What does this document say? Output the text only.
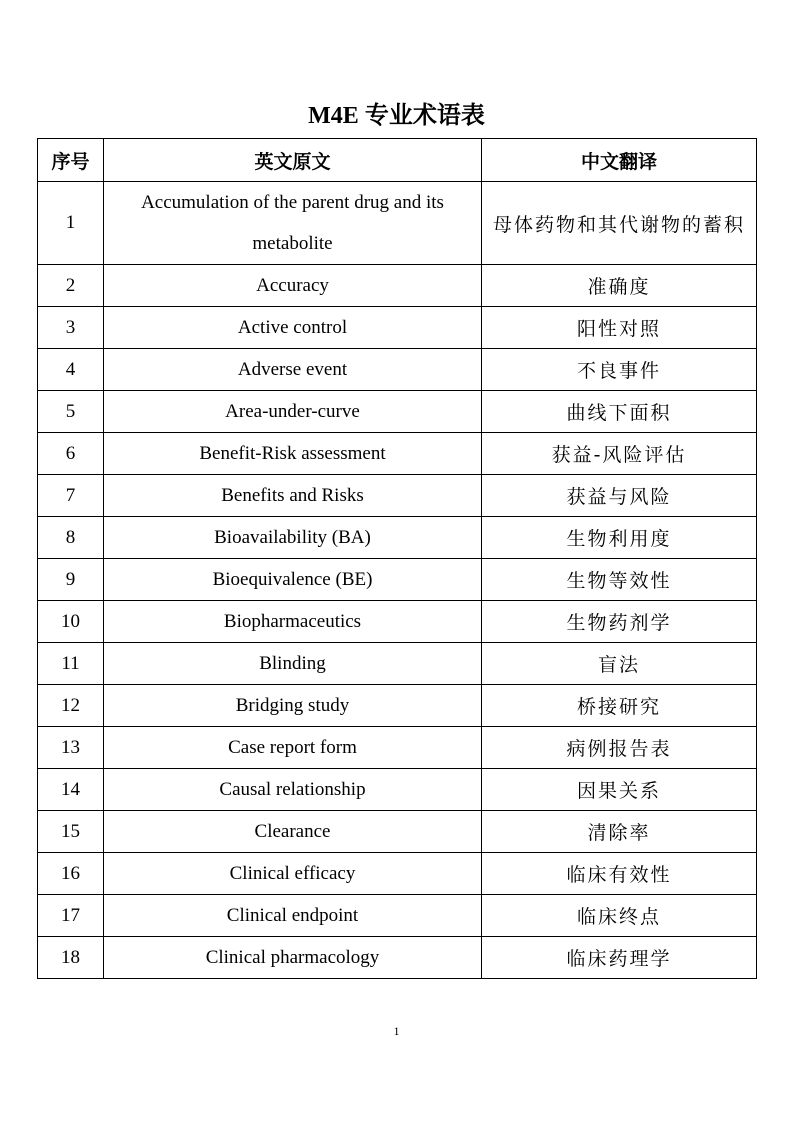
M4E 专业术语表
序号	英文原文	中文翻译
1	Accumulation of the parent drug and its metabolite	母体药物和其代谢物的蓄积
2	Accuracy	准确度
3	Active control	阳性对照
4	Adverse event	不良事件
5	Area-under-curve	曲线下面积
6	Benefit-Risk assessment	获益-风险评估
7	Benefits and Risks	获益与风险
8	Bioavailability (BA)	生物利用度
9	Bioequivalence (BE)	生物等效性
10	Biopharmaceutics	生物药剂学
11	Blinding	盲法
12	Bridging study	桥接研究
13	Case report form	病例报告表
14	Causal relationship	因果关系
15	Clearance	清除率
16	Clinical efficacy	临床有效性
17	Clinical endpoint	临床终点
18	Clinical pharmacology	临床药理学
1
